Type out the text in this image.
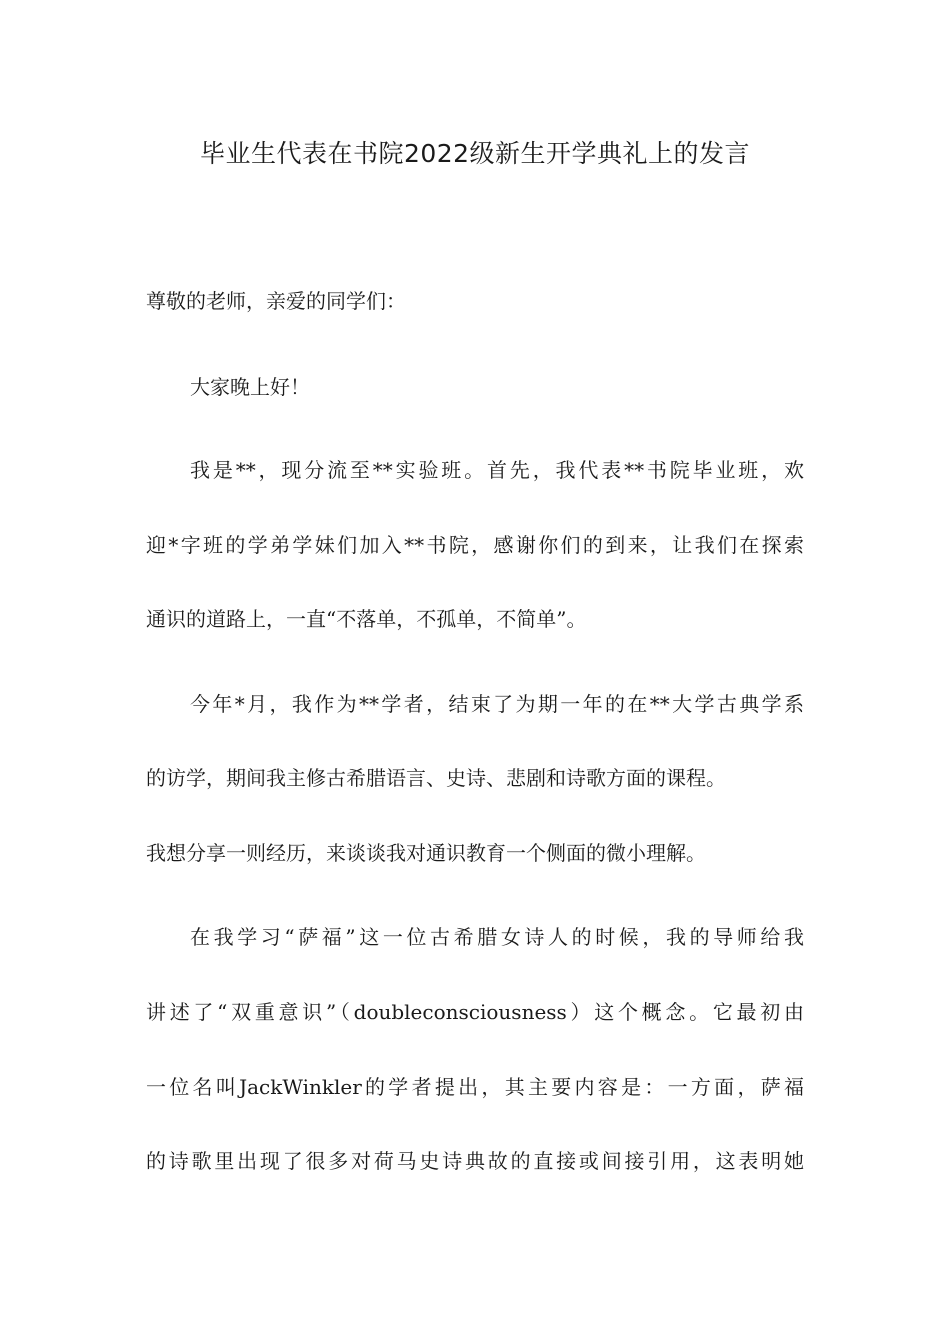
毕业生代表在书院2022级新生开学典礼上的发言
尊敬的老师，亲爱的同学们：
大家晚上好！
我是**，现分流至**实验班。首先，我代表**书院毕业班，欢
迎*字班的学弟学妹们加入**书院，感谢你们的到来，让我们在探索
通识的道路上，一直“不落单，不孤单，不简单”。
今年*月，我作为**学者，结束了为期一年的在**大学古典学系
的访学，期间我主修古希腊语言、史诗、悲剧和诗歌方面的课程。
我想分享一则经历，来谈谈我对通识教育一个侧面的微小理解。
在我学习“萨福”这一位古希腊女诗人的时候，我的导师给我
讲述了“双重意识”（doubleconsciousness）这个概念。它最初由
一位名叫JackWinkler的学者提出，其主要内容是：一方面，萨福
的诗歌里出现了很多对荷马史诗典故的直接或间接引用，这表明她
